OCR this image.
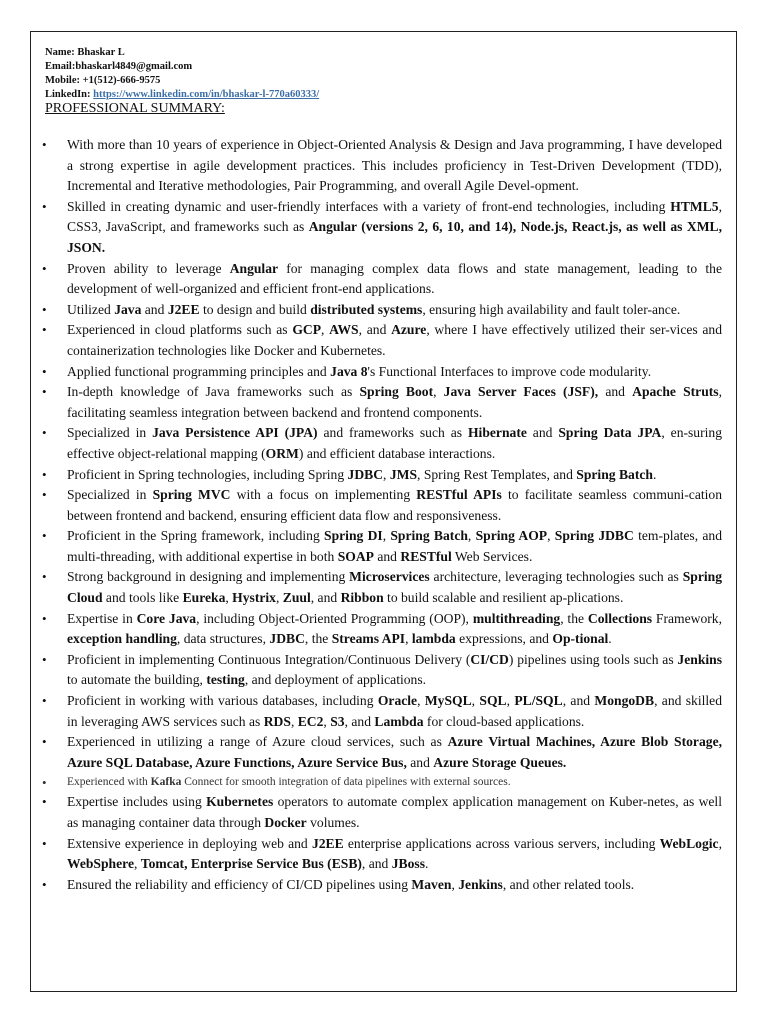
Name: Bhaskar L
Email:bhaskarl4849@gmail.com
Mobile: +1(512)-666-9575
LinkedIn: https://www.linkedin.com/in/bhaskar-l-770a60333/
PROFESSIONAL SUMMARY:
• With more than 10 years of experience in Object-Oriented Analysis & Design and Java programming, I have developed a strong expertise in agile development practices. This includes proficiency in Test-Driven Development (TDD), Incremental and Iterative methodologies, Pair Programming, and overall Agile Devel-opment.
• Skilled in creating dynamic and user-friendly interfaces with a variety of front-end technologies, including HTML5, CSS3, JavaScript, and frameworks such as Angular (versions 2, 6, 10, and 14), Node.js, React.js, as well as XML, JSON.
• Proven ability to leverage Angular for managing complex data flows and state management, leading to the development of well-organized and efficient front-end applications.
• Utilized Java and J2EE to design and build distributed systems, ensuring high availability and fault toler-ance.
• Experienced in cloud platforms such as GCP, AWS, and Azure, where I have effectively utilized their ser-vices and containerization technologies like Docker and Kubernetes.
• Applied functional programming principles and Java 8's Functional Interfaces to improve code modularity.
• In-depth knowledge of Java frameworks such as Spring Boot, Java Server Faces (JSF), and Apache Struts, facilitating seamless integration between backend and frontend components.
• Specialized in Java Persistence API (JPA) and frameworks such as Hibernate and Spring Data JPA, en-suring effective object-relational mapping (ORM) and efficient database interactions.
• Proficient in Spring technologies, including Spring JDBC, JMS, Spring Rest Templates, and Spring Batch.
• Specialized in Spring MVC with a focus on implementing RESTful APIs to facilitate seamless communi-cation between frontend and backend, ensuring efficient data flow and responsiveness.
• Proficient in the Spring framework, including Spring DI, Spring Batch, Spring AOP, Spring JDBC tem-plates, and multi-threading, with additional expertise in both SOAP and RESTful Web Services.
• Strong background in designing and implementing Microservices architecture, leveraging technologies such as Spring Cloud and tools like Eureka, Hystrix, Zuul, and Ribbon to build scalable and resilient ap-plications.
• Expertise in Core Java, including Object-Oriented Programming (OOP), multithreading, the Collections Framework, exception handling, data structures, JDBC, the Streams API, lambda expressions, and Op-tional.
• Proficient in implementing Continuous Integration/Continuous Delivery (CI/CD) pipelines using tools such as Jenkins to automate the building, testing, and deployment of applications.
• Proficient in working with various databases, including Oracle, MySQL, SQL, PL/SQL, and MongoDB, and skilled in leveraging AWS services such as RDS, EC2, S3, and Lambda for cloud-based applications.
• Experienced in utilizing a range of Azure cloud services, such as Azure Virtual Machines, Azure Blob Storage, Azure SQL Database, Azure Functions, Azure Service Bus, and Azure Storage Queues.
• Experienced with Kafka Connect for smooth integration of data pipelines with external sources.
• Expertise includes using Kubernetes operators to automate complex application management on Kuber-netes, as well as managing container data through Docker volumes.
• Extensive experience in deploying web and J2EE enterprise applications across various servers, including WebLogic, WebSphere, Tomcat, Enterprise Service Bus (ESB), and JBoss.
• Ensured the reliability and efficiency of CI/CD pipelines using Maven, Jenkins, and other related tools.
